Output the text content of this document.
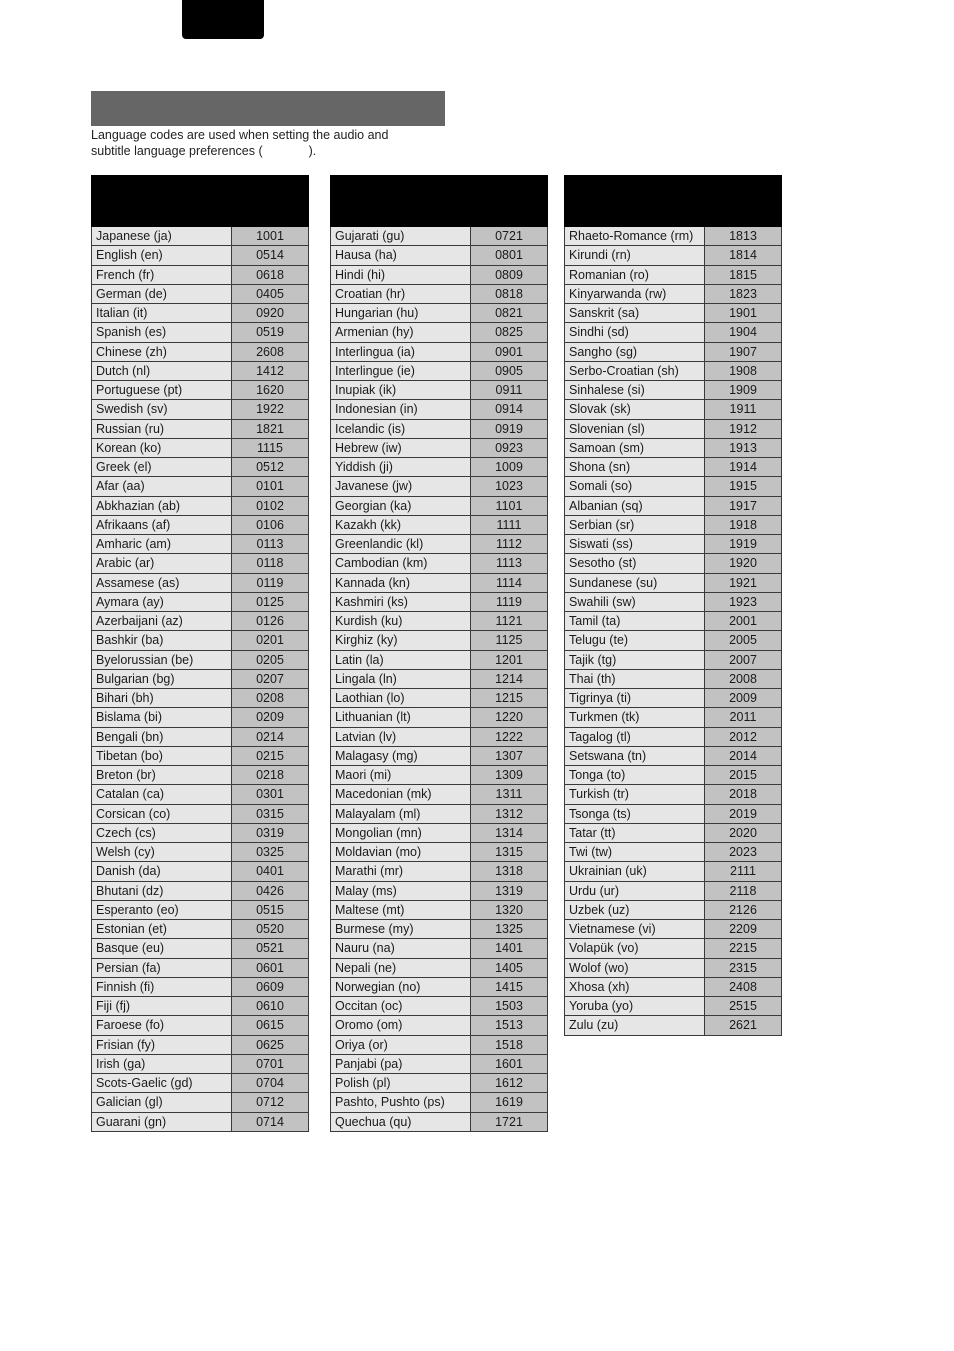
Language codes are used when setting the audio and

subtitle language preferences (	).

Japanese (ja)	1001
English (en)	0514
French (fr)	0618
German (de)	0405
Italian (it)	0920
Spanish (es)	0519
Chinese (zh)	2608
Dutch (nl)	1412
Portuguese (pt)	1620
Swedish (sv)	1922
Russian (ru)	1821
Korean (ko)	1115
Greek (el)	0512
Afar (aa)	0101
Abkhazian (ab)	0102
Afrikaans (af)	0106
Amharic (am)	0113
Arabic (ar)	0118
Assamese (as)	0119
Aymara (ay)	0125
Azerbaijani (az)	0126
Bashkir (ba)	0201
Byelorussian (be)	0205
Bulgarian (bg)	0207
Bihari (bh)	0208
Bislama (bi)	0209
Bengali (bn)	0214
Tibetan (bo)	0215
Breton (br)	0218
Catalan (ca)	0301
Corsican (co)	0315
Czech (cs)	0319
Welsh (cy)	0325
Danish (da)	0401
Bhutani (dz)	0426
Esperanto (eo)	0515
Estonian (et)	0520
Basque (eu)	0521
Persian (fa)	0601
Finnish (fi)	0609
Fiji (fj)	0610
Faroese (fo)	0615
Frisian (fy)	0625
Irish (ga)	0701
Scots-Gaelic (gd)	0704
Galician (gl)	0712
Guarani (gn)	0714

Gujarati (gu)	0721
Hausa (ha)	0801
Hindi (hi)	0809
Croatian (hr)	0818
Hungarian (hu)	0821
Armenian (hy)	0825
Interlingua (ia)	0901
Interlingue (ie)	0905
Inupiak (ik)	0911
Indonesian (in)	0914
Icelandic (is)	0919
Hebrew (iw)	0923
Yiddish (ji)	1009
Javanese (jw)	1023
Georgian (ka)	1101
Kazakh (kk)	1111
Greenlandic (kl)	1112
Cambodian (km)	1113
Kannada (kn)	1114
Kashmiri (ks)	1119
Kurdish (ku)	1121
Kirghiz (ky)	1125
Latin (la)	1201
Lingala (ln)	1214
Laothian (lo)	1215
Lithuanian (lt)	1220
Latvian (lv)	1222
Malagasy (mg)	1307
Maori (mi)	1309
Macedonian (mk)	1311
Malayalam (ml)	1312
Mongolian (mn)	1314
Moldavian (mo)	1315
Marathi (mr)	1318
Malay (ms)	1319
Maltese (mt)	1320
Burmese (my)	1325
Nauru (na)	1401
Nepali (ne)	1405
Norwegian (no)	1415
Occitan (oc)	1503
Oromo (om)	1513
Oriya (or)	1518
Panjabi (pa)	1601
Polish (pl)	1612
Pashto, Pushto (ps)	1619
Quechua (qu)	1721

Rhaeto-Romance (rm)	1813
Kirundi (rn)	1814
Romanian (ro)	1815
Kinyarwanda (rw)	1823
Sanskrit (sa)	1901
Sindhi (sd)	1904
Sangho (sg)	1907
Serbo-Croatian (sh)	1908
Sinhalese (si)	1909
Slovak (sk)	1911
Slovenian (sl)	1912
Samoan (sm)	1913
Shona (sn)	1914
Somali (so)	1915
Albanian (sq)	1917
Serbian (sr)	1918
Siswati (ss)	1919
Sesotho (st)	1920
Sundanese (su)	1921
Swahili (sw)	1923
Tamil (ta)	2001
Telugu (te)	2005
Tajik (tg)	2007
Thai (th)	2008
Tigrinya (ti)	2009
Turkmen (tk)	2011
Tagalog (tl)	2012
Setswana (tn)	2014
Tonga (to)	2015
Turkish (tr)	2018
Tsonga (ts)	2019
Tatar (tt)	2020
Twi (tw)	2023
Ukrainian (uk)	2111
Urdu (ur)	2118
Uzbek (uz)	2126
Vietnamese (vi)	2209
Volapük (vo)	2215
Wolof (wo)	2315
Xhosa (xh)	2408
Yoruba (yo)	2515
Zulu (zu)	2621
